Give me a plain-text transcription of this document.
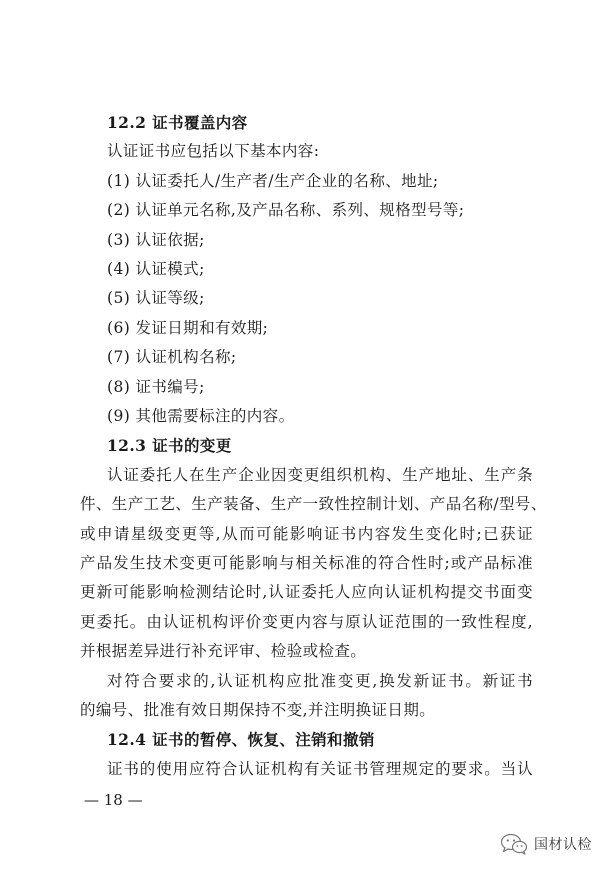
12.2 证书覆盖内容
认证证书应包括以下基本内容:
(1) 认证委托人/生产者/生产企业的名称、地址;
(2) 认证单元名称,及产品名称、系列、规格型号等;
(3) 认证依据;
(4) 认证模式;
(5) 认证等级;
(6) 发证日期和有效期;
(7) 认证机构名称;
(8) 证书编号;
(9) 其他需要标注的内容。
12.3 证书的变更
认证委托人在生产企业因变更组织机构、生产地址、生产条
件、生产工艺、生产装备、生产一致性控制计划、产品名称/型号、
或申请星级变更等,从而可能影响证书内容发生变化时;已获证
产品发生技术变更可能影响与相关标准的符合性时;或产品标准
更新可能影响检测结论时,认证委托人应向认证机构提交书面变
更委托。由认证机构评价变更内容与原认证范围的一致性程度,
并根据差异进行补充评审、检验或检查。
对符合要求的,认证机构应批准变更,换发新证书。新证书
的编号、批准有效日期保持不变,并注明换证日期。
12.4 证书的暂停、恢复、注销和撤销
证书的使用应符合认证机构有关证书管理规定的要求。当认
— 18 —
国材认检
